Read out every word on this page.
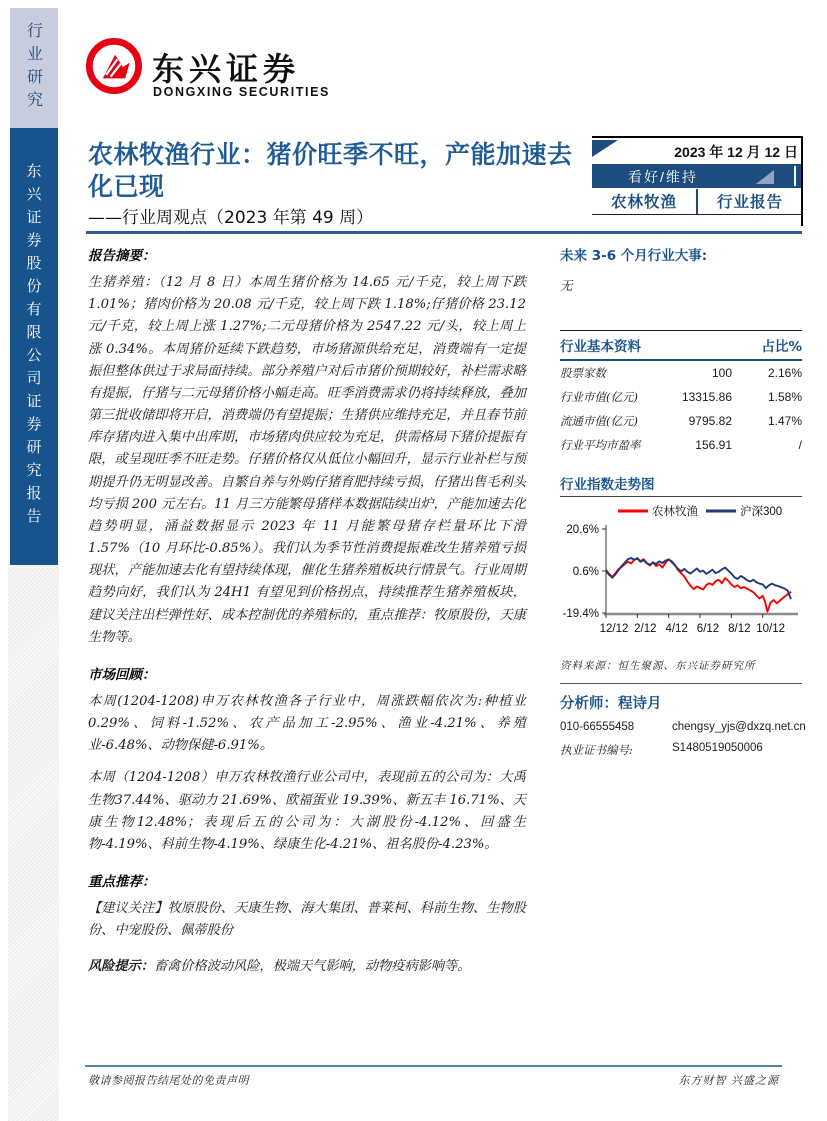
行业研究
东兴证券股份有限公司证券研究报告
东兴证券
DONGXING SECURITIES
2023 年 12 月 12 日
看好/维持
农林牧渔	行业报告
农林牧渔行业：猪价旺季不旺，产能加速去化已现
——行业周观点（2023 年第 49 周）
报告摘要：

生猪养殖：（12 月 8 日）本周生猪价格为 14.65 元/千克，较上周下跌 1.01%；猪肉价格为 20.08 元/千克，较上周下跌 1.18%;仔猪价格 23.12 元/千克，较上周上涨 1.27%;二元母猪价格为 2547.22 元/头，较上周上涨 0.34%。本周猪价延续下跌趋势，市场猪源供给充足，消费端有一定提振但整体供过于求局面持续。部分养殖户对后市猪价预期较好，补栏需求略有提振，仔猪与二元母猪价格小幅走高。旺季消费需求仍将持续释放，叠加第三批收储即将开启，消费端仍有望提振；生猪供应维持充足，并且春节前库存猪肉进入集中出库期，市场猪肉供应较为充足，供需格局下猪价提振有限，或呈现旺季不旺走势。仔猪价格仅从低位小幅回升，显示行业补栏与预期提升仍无明显改善。自繁自养与外购仔猪育肥持续亏损，仔猪出售毛利头均亏损 200 元左右。11 月三方能繁母猪样本数据陆续出炉，产能加速去化趋势明显，涌益数据显示 2023 年 11 月能繁母猪存栏量环比下滑 1.57%（10 月环比-0.85%）。我们认为季节性消费提振难改生猪养殖亏损现状，产能加速去化有望持续体现，催化生猪养殖板块行情景气。行业周期趋势向好，我们认为 24H1 有望见到价格拐点，持续推荐生猪养殖板块，建议关注出栏弹性好、成本控制优的养殖标的，重点推荐：牧原股份，天康生物等。

市场回顾：

本周(1204-1208)申万农林牧渔各子行业中，周涨跌幅依次为:种植业 0.29%、饲料-1.52%、农产品加工-2.95%、渔业-4.21%、养殖业-6.48%、动物保健-6.91%。

本周（1204-1208）申万农林牧渔行业公司中，表现前五的公司为：大禹生物37.44%、驱动力 21.69%、欧福蛋业 19.39%、新五丰 16.71%、天康生物12.48%；表现后五的公司为：大湖股份-4.12%、回盛生物-4.19%、科前生物-4.19%、绿康生化-4.21%、祖名股份-4.23%。

重点推荐：

【建议关注】牧原股份、天康生物、海大集团、普莱柯、科前生物、生物股份、中宠股份、佩蒂股份

风险提示：畜禽价格波动风险，极端天气影响，动物疫病影响等。

未来 3-6 个月行业大事:
无
行业基本资料	占比%
股票家数	100	2.16%
行业市值(亿元)	13315.86	1.58%
流通市值(亿元)	9795.82	1.47%
行业平均市盈率	156.91	/
行业指数走势图
农林牧渔	沪深300
20.6%
0.6%
-19.4%
12/12 2/12 4/12 6/12 8/12 10/12
资料来源：恒生聚源、东兴证券研究所
分析师：程诗月
010-66555458	chengsy_yjs@dxzq.net.cn
执业证书编号:	S1480519050006
敬请参阅报告结尾处的免责声明	东方财智 兴盛之源
